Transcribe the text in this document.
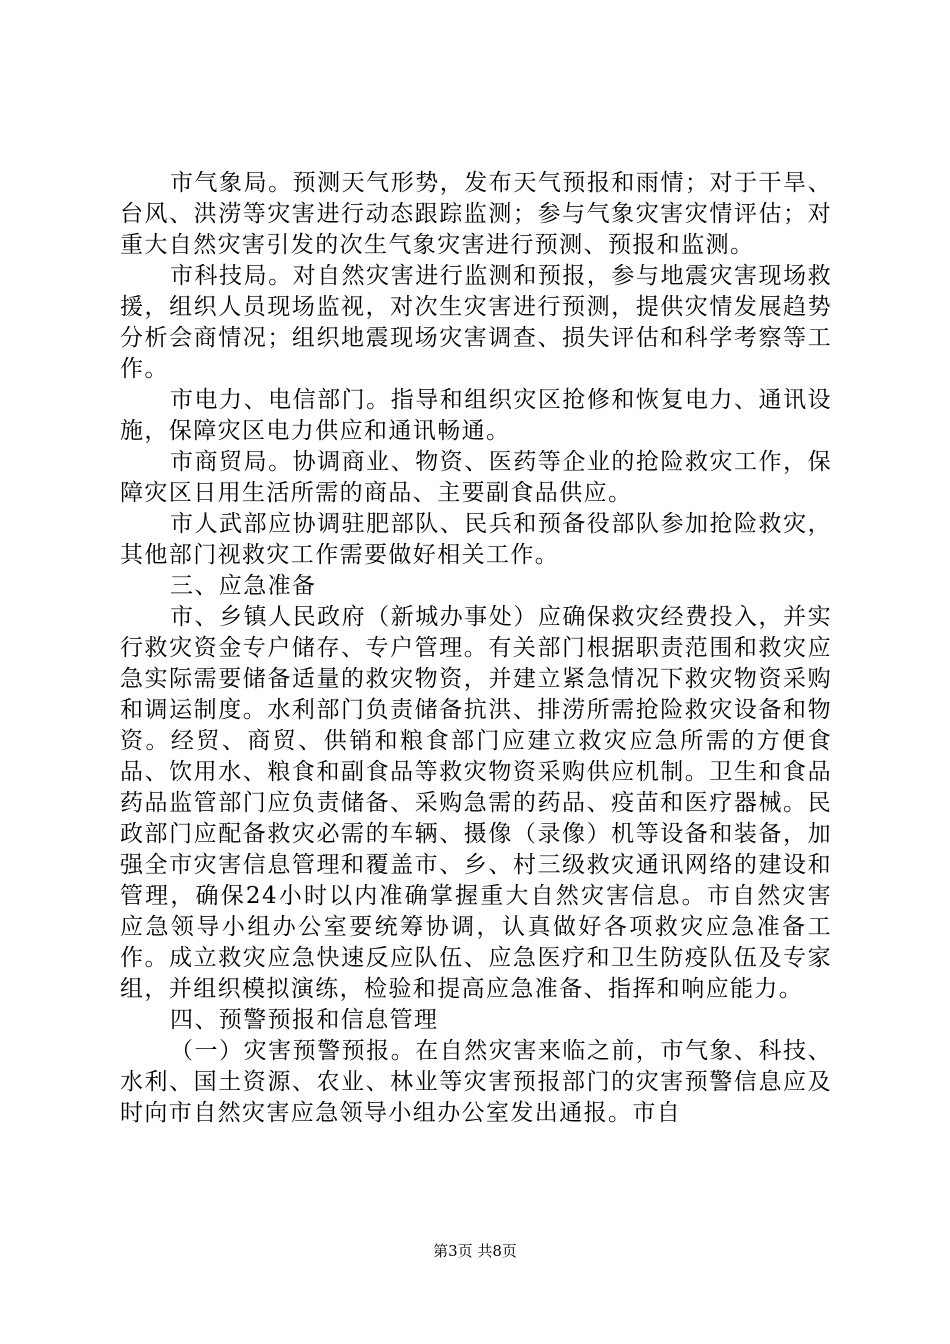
市气象局。预测天气形势，发布天气预报和雨情；对于干旱、台风、洪涝等灾害进行动态跟踪监测；参与气象灾害灾情评估；对重大自然灾害引发的次生气象灾害进行预测、预报和监测。

市科技局。对自然灾害进行监测和预报，参与地震灾害现场救援，组织人员现场监视，对次生灾害进行预测，提供灾情发展趋势分析会商情况；组织地震现场灾害调查、损失评估和科学考察等工作。

市电力、电信部门。指导和组织灾区抢修和恢复电力、通讯设施，保障灾区电力供应和通讯畅通。

市商贸局。协调商业、物资、医药等企业的抢险救灾工作，保障灾区日用生活所需的商品、主要副食品供应。

市人武部应协调驻肥部队、民兵和预备役部队参加抢险救灾，其他部门视救灾工作需要做好相关工作。

三、应急准备

市、乡镇人民政府（新城办事处）应确保救灾经费投入，并实行救灾资金专户储存、专户管理。有关部门根据职责范围和救灾应急实际需要储备适量的救灾物资，并建立紧急情况下救灾物资采购和调运制度。水利部门负责储备抗洪、排涝所需抢险救灾设备和物资。经贸、商贸、供销和粮食部门应建立救灾应急所需的方便食品、饮用水、粮食和副食品等救灾物资采购供应机制。卫生和食品药品监管部门应负责储备、采购急需的药品、疫苗和医疗器械。民政部门应配备救灾必需的车辆、摄像（录像）机等设备和装备，加强全市灾害信息管理和覆盖市、乡、村三级救灾通讯网络的建设和管理，确保24小时以内准确掌握重大自然灾害信息。市自然灾害应急领导小组办公室要统筹协调，认真做好各项救灾应急准备工作。成立救灾应急快速反应队伍、应急医疗和卫生防疫队伍及专家组，并组织模拟演练，检验和提高应急准备、指挥和响应能力。

四、预警预报和信息管理

（一）灾害预警预报。在自然灾害来临之前，市气象、科技、水利、国土资源、农业、林业等灾害预报部门的灾害预警信息应及时向市自然灾害应急领导小组办公室发出通报。市自

第3页 共8页
